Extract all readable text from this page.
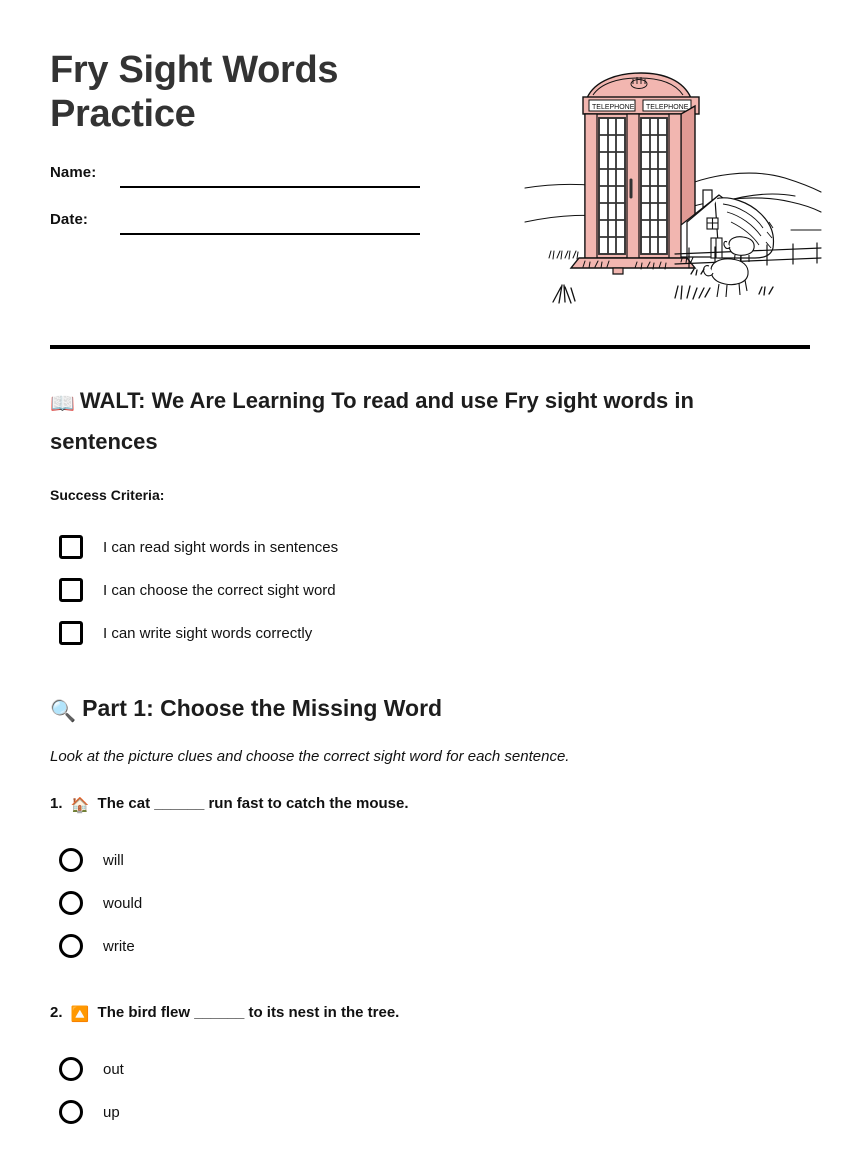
Fry Sight Words Practice
Name:
Date:
TELEPHONE TELEPHONE
📖 WALT: We Are Learning To read and use Fry sight words in sentences

Success Criteria:

I can read sight words in sentences
I can choose the correct sight word
I can write sight words correctly
🔍 Part 1: Choose the Missing Word

Look at the picture clues and choose the correct sight word for each sentence.

1. 🏠 The cat ______ run fast to catch the mouse.

will
would
write

2. 🔼 The bird flew ______ to its nest in the tree.

out
up
